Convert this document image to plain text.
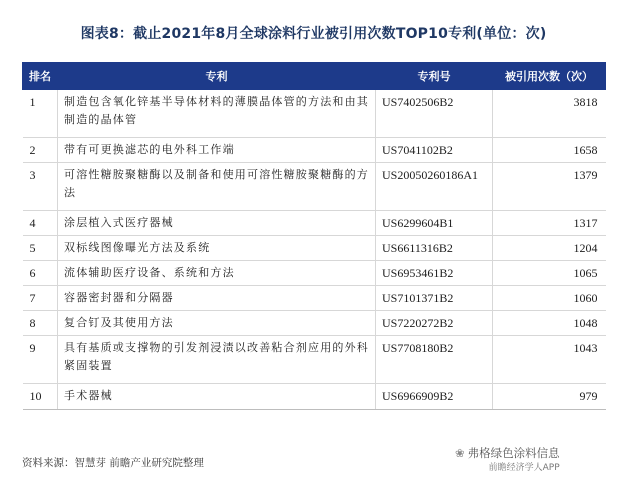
图表8：截止2021年8月全球涂料行业被引用次数TOP10专利(单位：次)
排名	专利	专利号	被引用次数（次）
1	制造包含氧化锌基半导体材料的薄膜晶体管的方法和由其制造的晶体管	US7402506B2	3818
2	带有可更换滤芯的电外科工作端	US7041102B2	1658
3	可溶性糖胺聚糖酶以及制备和使用可溶性糖胺聚糖酶的方法	US20050260186A1	1379
4	涂层植入式医疗器械	US6299604B1	1317
5	双标线图像曝光方法及系统	US6611316B2	1204
6	流体辅助医疗设备、系统和方法	US6953461B2	1065
7	容器密封器和分隔器	US7101371B2	1060
8	复合钉及其使用方法	US7220272B2	1048
9	具有基质或支撑物的引发剂浸渍以改善粘合剂应用的外科紧固装置	US7708180B2	1043
10	手术器械	US6966909B2	979
资料来源：智慧芽 前瞻产业研究院整理
❀ 弗格绿色涂料信息
前瞻经济学人APP
